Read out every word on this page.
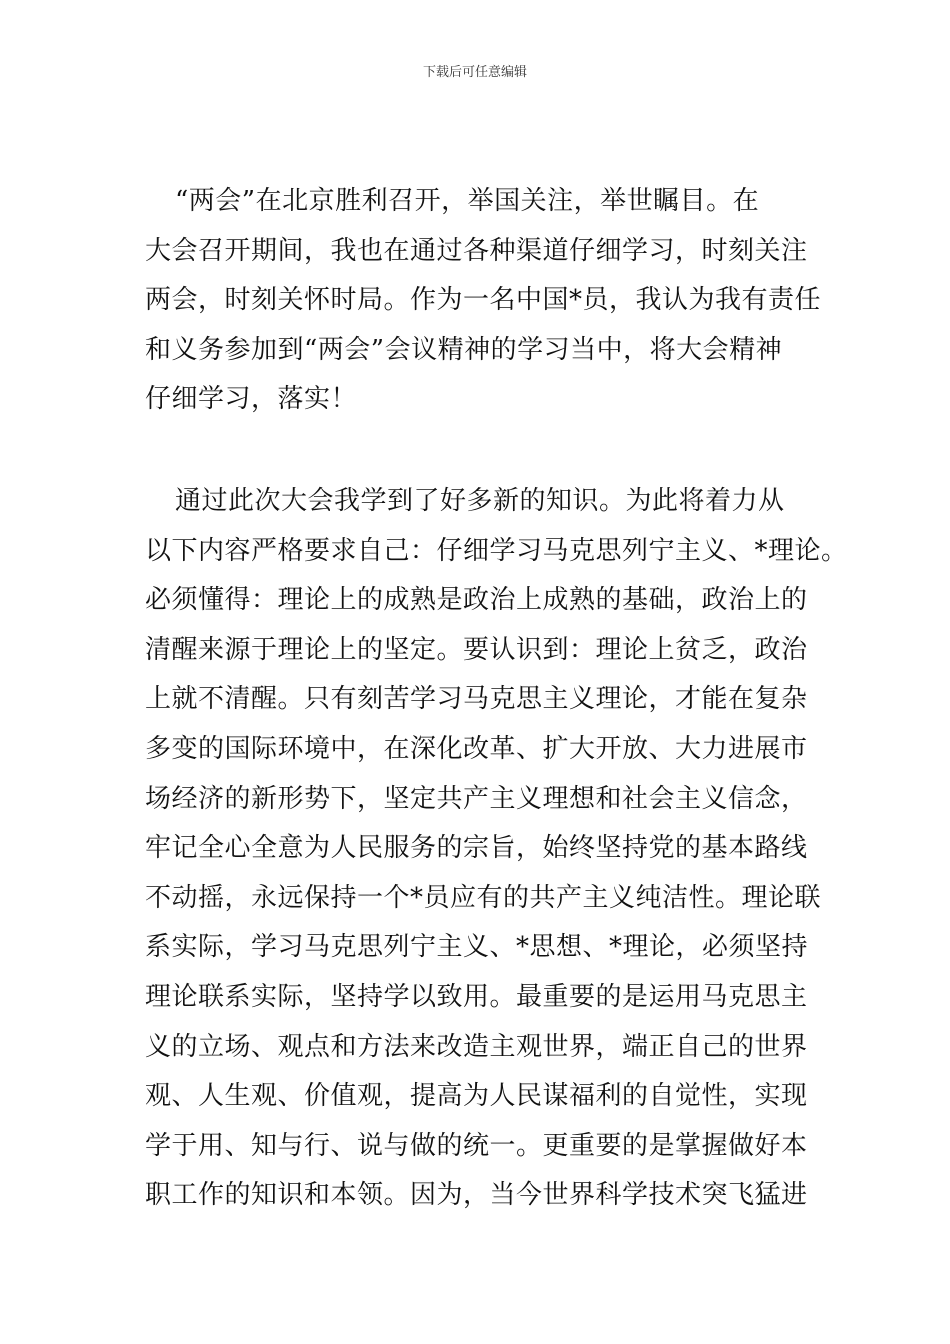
下载后可任意编辑
“两会”在北京胜利召开，举国关注，举世瞩目。在
大会召开期间，我也在通过各种渠道仔细学习，时刻关注
两会，时刻关怀时局。作为一名中国*员，我认为我有责任
和义务参加到“两会”会议精神的学习当中，将大会精神
仔细学习，落实！
通过此次大会我学到了好多新的知识。为此将着力从
以下内容严格要求自己：仔细学习马克思列宁主义、*理论。
必须懂得：理论上的成熟是政治上成熟的基础，政治上的
清醒来源于理论上的坚定。要认识到：理论上贫乏，政治
上就不清醒。只有刻苦学习马克思主义理论，才能在复杂
多变的国际环境中，在深化改革、扩大开放、大力进展市
场经济的新形势下，坚定共产主义理想和社会主义信念，
牢记全心全意为人民服务的宗旨，始终坚持党的基本路线
不动摇，永远保持一个*员应有的共产主义纯洁性。理论联
系实际，学习马克思列宁主义、*思想、*理论，必须坚持
理论联系实际，坚持学以致用。最重要的是运用马克思主
义的立场、观点和方法来改造主观世界，端正自己的世界
观、人生观、价值观，提高为人民谋福利的自觉性，实现
学于用、知与行、说与做的统一。更重要的是掌握做好本
职工作的知识和本领。因为，当今世界科学技术突飞猛进
